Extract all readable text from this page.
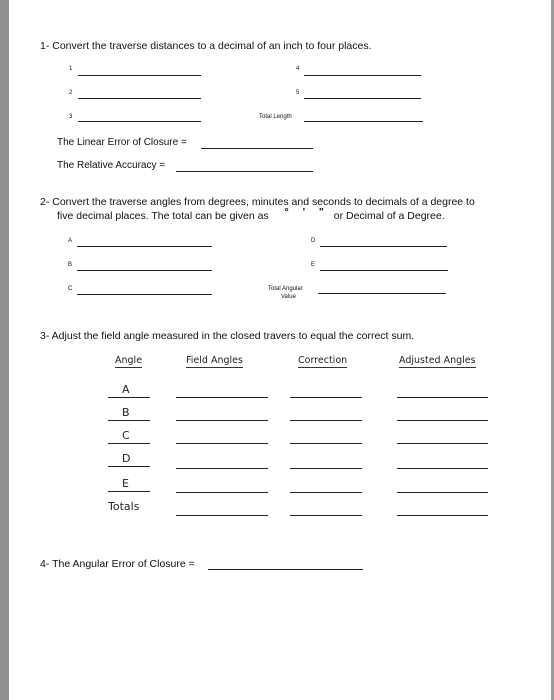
1- Convert the traverse distances to a decimal of an inch to four places.
1	4
2	5
3	Total Length
The Linear Error of Closure =
The Relative Accuracy =
2- Convert the traverse angles from degrees, minutes and seconds to decimals of a degree to
five decimal places. The total can be given as ° ' " or Decimal of a Degree.
A	D
B	E
C	Total Angular
Value
3- Adjust the field angle measured in the closed travers to equal the correct sum.
Angle	Field Angles	Correction	Adjusted Angles
A
B
C
D
E
Totals
4- The Angular Error of Closure =
